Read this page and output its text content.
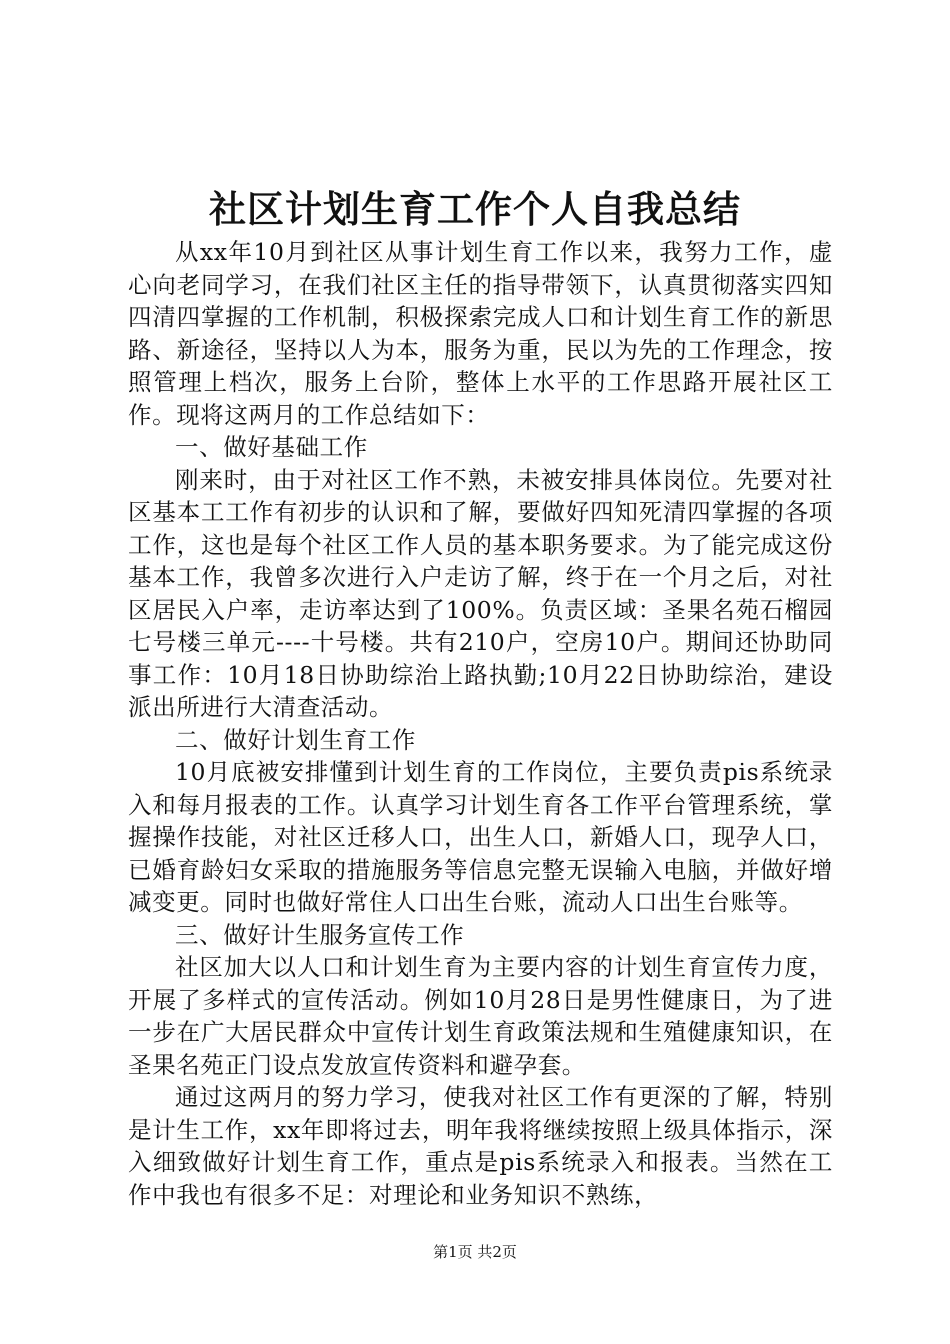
社区计划生育工作个人自我总结

从xx年10月到社区从事计划生育工作以来，我努力工作，虚心向老同学习，在我们社区主任的指导带领下，认真贯彻落实四知四清四掌握的工作机制，积极探索完成人口和计划生育工作的新思路、新途径，坚持以人为本，服务为重，民以为先的工作理念，按照管理上档次，服务上台阶，整体上水平的工作思路开展社区工作。现将这两月的工作总结如下：

一、做好基础工作

刚来时，由于对社区工作不熟，未被安排具体岗位。先要对社区基本工工作有初步的认识和了解，要做好四知死清四掌握的各项工作，这也是每个社区工作人员的基本职务要求。为了能完成这份基本工作，我曾多次进行入户走访了解，终于在一个月之后，对社区居民入户率，走访率达到了100%。负责区域：圣果名苑石榴园七号楼三单元----十号楼。共有210户，空房10户。期间还协助同事工作：10月18日协助综治上路执勤;10月22日协助综治，建设派出所进行大清查活动。

二、做好计划生育工作

10月底被安排懂到计划生育的工作岗位，主要负责pis系统录入和每月报表的工作。认真学习计划生育各工作平台管理系统，掌握操作技能，对社区迁移人口，出生人口，新婚人口，现孕人口，已婚育龄妇女采取的措施服务等信息完整无误输入电脑，并做好增减变更。同时也做好常住人口出生台账，流动人口出生台账等。

三、做好计生服务宣传工作

社区加大以人口和计划生育为主要内容的计划生育宣传力度，开展了多样式的宣传活动。例如10月28日是男性健康日，为了进一步在广大居民群众中宣传计划生育政策法规和生殖健康知识，在圣果名苑正门设点发放宣传资料和避孕套。

通过这两月的努力学习，使我对社区工作有更深的了解，特别是计生工作，xx年即将过去，明年我将继续按照上级具体指示，深入细致做好计划生育工作，重点是pis系统录入和报表。当然在工作中我也有很多不足：对理论和业务知识不熟练，

第1页 共2页
